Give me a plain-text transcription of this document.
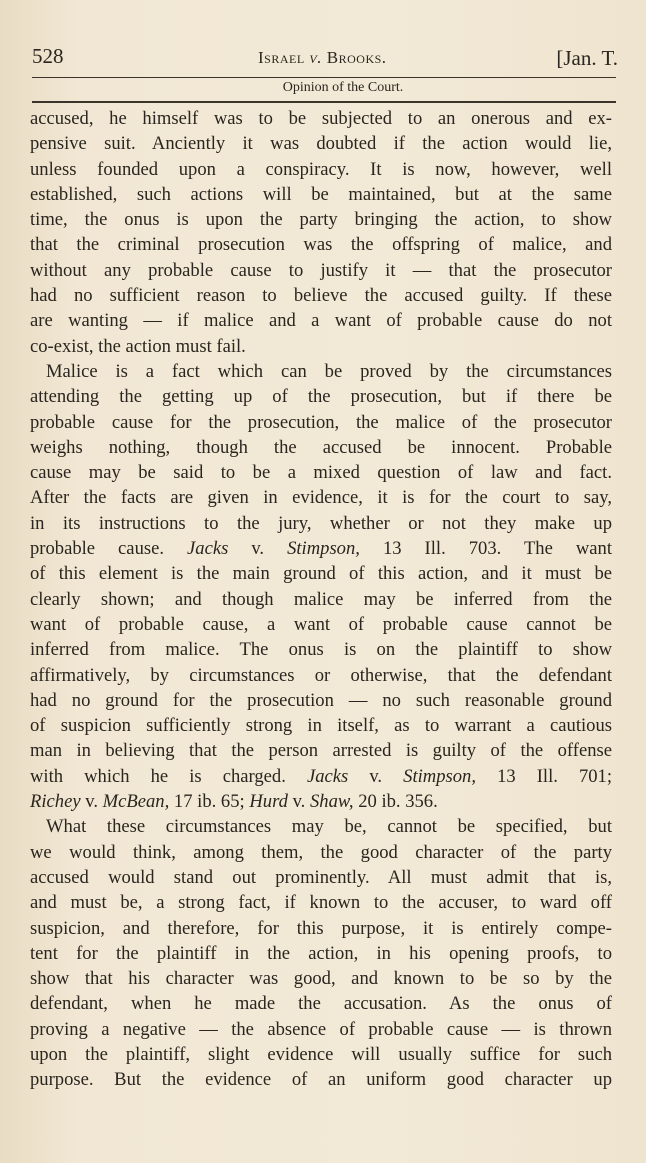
528	Israel v. Brooks.	[Jan. T.
Opinion of the Court.
accused, he himself was to be subjected to an onerous and ex-
pensive suit. Anciently it was doubted if the action would lie,
unless founded upon a conspiracy. It is now, however, well
established, such actions will be maintained, but at the same
time, the onus is upon the party bringing the action, to show
that the criminal prosecution was the offspring of malice, and
without any probable cause to justify it — that the prosecutor
had no sufficient reason to believe the accused guilty. If these
are wanting — if malice and a want of probable cause do not
co-exist, the action must fail.
Malice is a fact which can be proved by the circumstances
attending the getting up of the prosecution, but if there be
probable cause for the prosecution, the malice of the prosecutor
weighs nothing, though the accused be innocent. Probable
cause may be said to be a mixed question of law and fact.
After the facts are given in evidence, it is for the court to say,
in its instructions to the jury, whether or not they make up
probable cause. Jacks v. Stimpson, 13 Ill. 703. The want
of this element is the main ground of this action, and it must be
clearly shown; and though malice may be inferred from the
want of probable cause, a want of probable cause cannot be
inferred from malice. The onus is on the plaintiff to show
affirmatively, by circumstances or otherwise, that the defendant
had no ground for the prosecution — no such reasonable ground
of suspicion sufficiently strong in itself, as to warrant a cautious
man in believing that the person arrested is guilty of the offense
with which he is charged. Jacks v. Stimpson, 13 Ill. 701;
Richey v. McBean, 17 ib. 65; Hurd v. Shaw, 20 ib. 356.
What these circumstances may be, cannot be specified, but
we would think, among them, the good character of the party
accused would stand out prominently. All must admit that is,
and must be, a strong fact, if known to the accuser, to ward off
suspicion, and therefore, for this purpose, it is entirely compe-
tent for the plaintiff in the action, in his opening proofs, to
show that his character was good, and known to be so by the
defendant, when he made the accusation. As the onus of
proving a negative — the absence of probable cause — is thrown
upon the plaintiff, slight evidence will usually suffice for such
purpose. But the evidence of an uniform good character up
